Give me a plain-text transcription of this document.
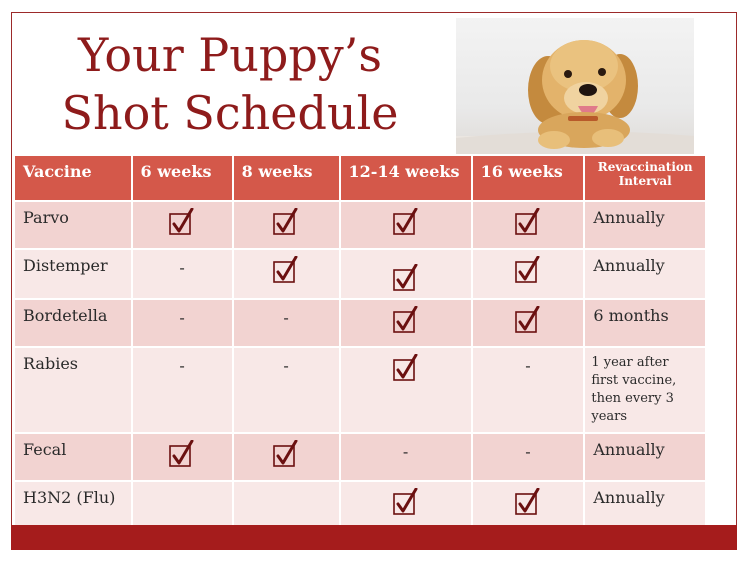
Your Puppy’s
Shot Schedule
Vaccine	6 weeks	8 weeks	12-14 weeks	16 weeks	Revaccination Interval
Parvo					Annually
Distemper	-				Annually
Bordetella	-	-			6 months
Rabies	-	-		-	1 year after first vaccine, then every 3 years
Fecal			-	-	Annually
H3N2 (Flu)					Annually
